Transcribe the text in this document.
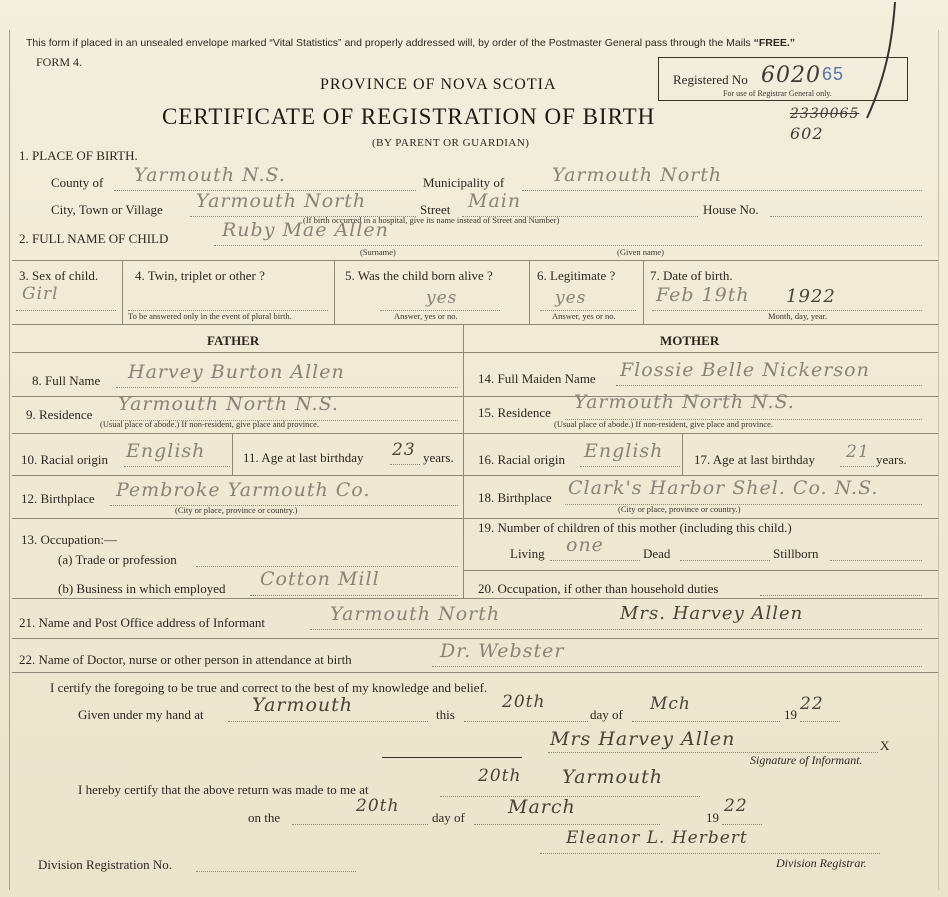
This form if placed in an unsealed envelope marked “Vital Statistics” and properly addressed will, by order of the Postmaster General pass through the Mails “FREE.”
FORM 4.
PROVINCE OF NOVA SCOTIA
CERTIFICATE OF REGISTRATION OF BIRTH
(BY PARENT OR GUARDIAN)
Registered No 6020 65
For use of Registrar General only.
2330065
602
1. PLACE OF BIRTH.
County of Yarmouth N.S.	Municipality of	Yarmouth North
City, Town or Village Yarmouth North	Street Main	House No.
(If birth occurred in a hospital, give its name instead of Street and Number)
2. FULL NAME OF CHILD	Ruby Mae Allen
(Surname)	(Given name)
3. Sex of child.
Girl
4. Twin, triplet or other ?
To be answered only in the event of plural birth.
5. Was the child born alive ?
yes
Answer, yes or no.
6. Legitimate ?
yes
Answer, yes or no.
7. Date of birth.
Feb 19th 1922
Month, day, year.
FATHER	MOTHER
8. Full Name Harvey Burton Allen
9. Residence Yarmouth North N.S.
(Usual place of abode.) If non-resident, give place and province.
10. Racial origin English	11. Age at last birthday 23 years.
12. Birthplace Pembroke Yarmouth Co.
(City or place, province or country.)
13. Occupation:—
(a) Trade or profession
(b) Business in which employed Cotton Mill
14. Full Maiden Name Flossie Belle Nickerson
15. Residence Yarmouth North N.S.
(Usual place of abode.) If non-resident, give place and province.
16. Racial origin English 17. Age at last birthday 21 years.
18. Birthplace Clark's Harbor Shel. Co. N.S.
(City or place, province or country.)
19. Number of children of this mother (including this child.)
Living one	Dead	Stillborn
20. Occupation, if other than household duties
21. Name and Post Office address of Informant	Yarmouth North	Mrs. Harvey Allen
22. Name of Doctor, nurse or other person in attendance at birth	Dr. Webster
I certify the foregoing to be true and correct to the best of my knowledge and belief.
Given under my hand at	Yarmouth	this
20th
day of
Mch
19
22
Mrs Harvey Allen	X
Signature of Informant.
I hereby certify that the above return was made to me at
20th Yarmouth
on the
20th
day of March	19
22
Eleanor L. Herbert
Division Registration No.	Division Registrar.
